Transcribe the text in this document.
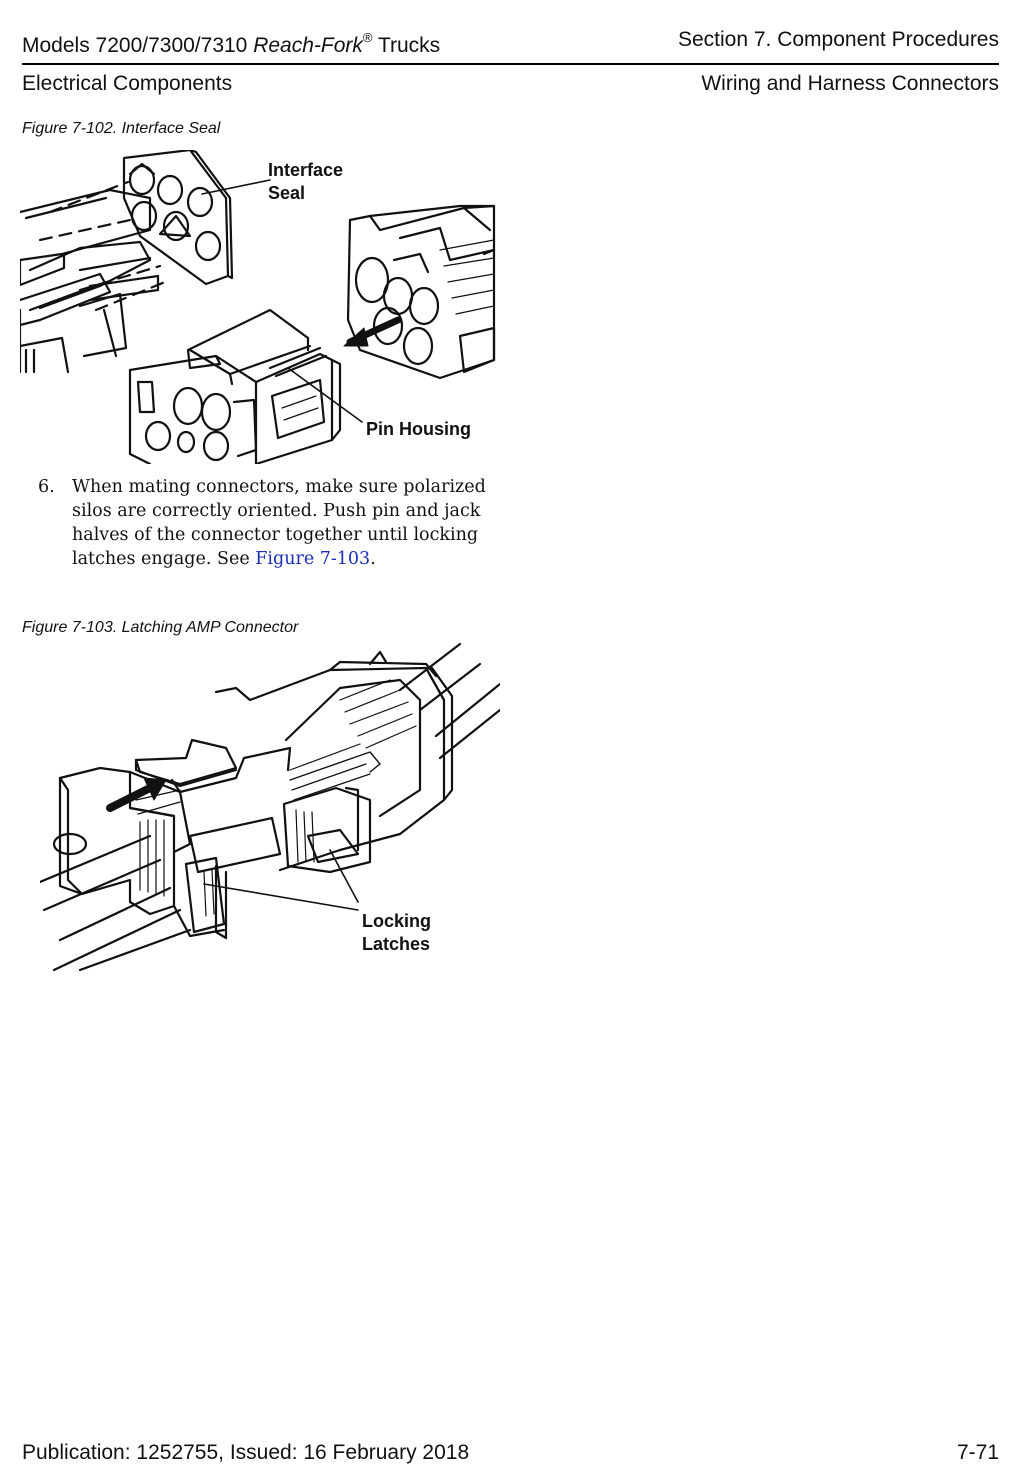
Models 7200/7300/7310 Reach-Fork® Trucks	Section 7. Component Procedures
Electrical Components	Wiring and Harness Connectors
Figure 7-102. Interface Seal
Interface
Seal
Pin Housing
6. When mating connectors, make sure polarized silos are correctly oriented. Push pin and jack halves of the connector together until locking latches engage. See Figure 7-103.
Figure 7-103. Latching AMP Connector
Locking
Latches
Publication: 1252755, Issued: 16 February 2018	7-71
